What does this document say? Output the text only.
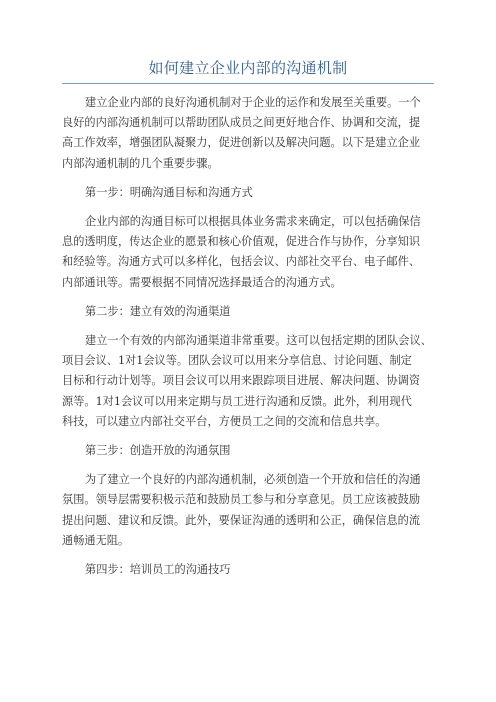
如何建立企业内部的沟通机制
建立企业内部的良好沟通机制对于企业的运作和发展至关重要。一个
良好的内部沟通机制可以帮助团队成员之间更好地合作、协调和交流，提
高工作效率，增强团队凝聚力，促进创新以及解决问题。以下是建立企业
内部沟通机制的几个重要步骤。
第一步：明确沟通目标和沟通方式
企业内部的沟通目标可以根据具体业务需求来确定，可以包括确保信
息的透明度，传达企业的愿景和核心价值观，促进合作与协作，分享知识
和经验等。沟通方式可以多样化，包括会议、内部社交平台、电子邮件、
内部通讯等。需要根据不同情况选择最适合的沟通方式。
第二步：建立有效的沟通渠道
建立一个有效的内部沟通渠道非常重要。这可以包括定期的团队会议、
项目会议、1对1会议等。团队会议可以用来分享信息、讨论问题、制定
目标和行动计划等。项目会议可以用来跟踪项目进展、解决问题、协调资
源等。1对1会议可以用来定期与员工进行沟通和反馈。此外，利用现代
科技，可以建立内部社交平台，方便员工之间的交流和信息共享。
第三步：创造开放的沟通氛围
为了建立一个良好的内部沟通机制，必须创造一个开放和信任的沟通
氛围。领导层需要积极示范和鼓励员工参与和分享意见。员工应该被鼓励
提出问题、建议和反馈。此外，要保证沟通的透明和公正，确保信息的流
通畅通无阻。
第四步：培训员工的沟通技巧
